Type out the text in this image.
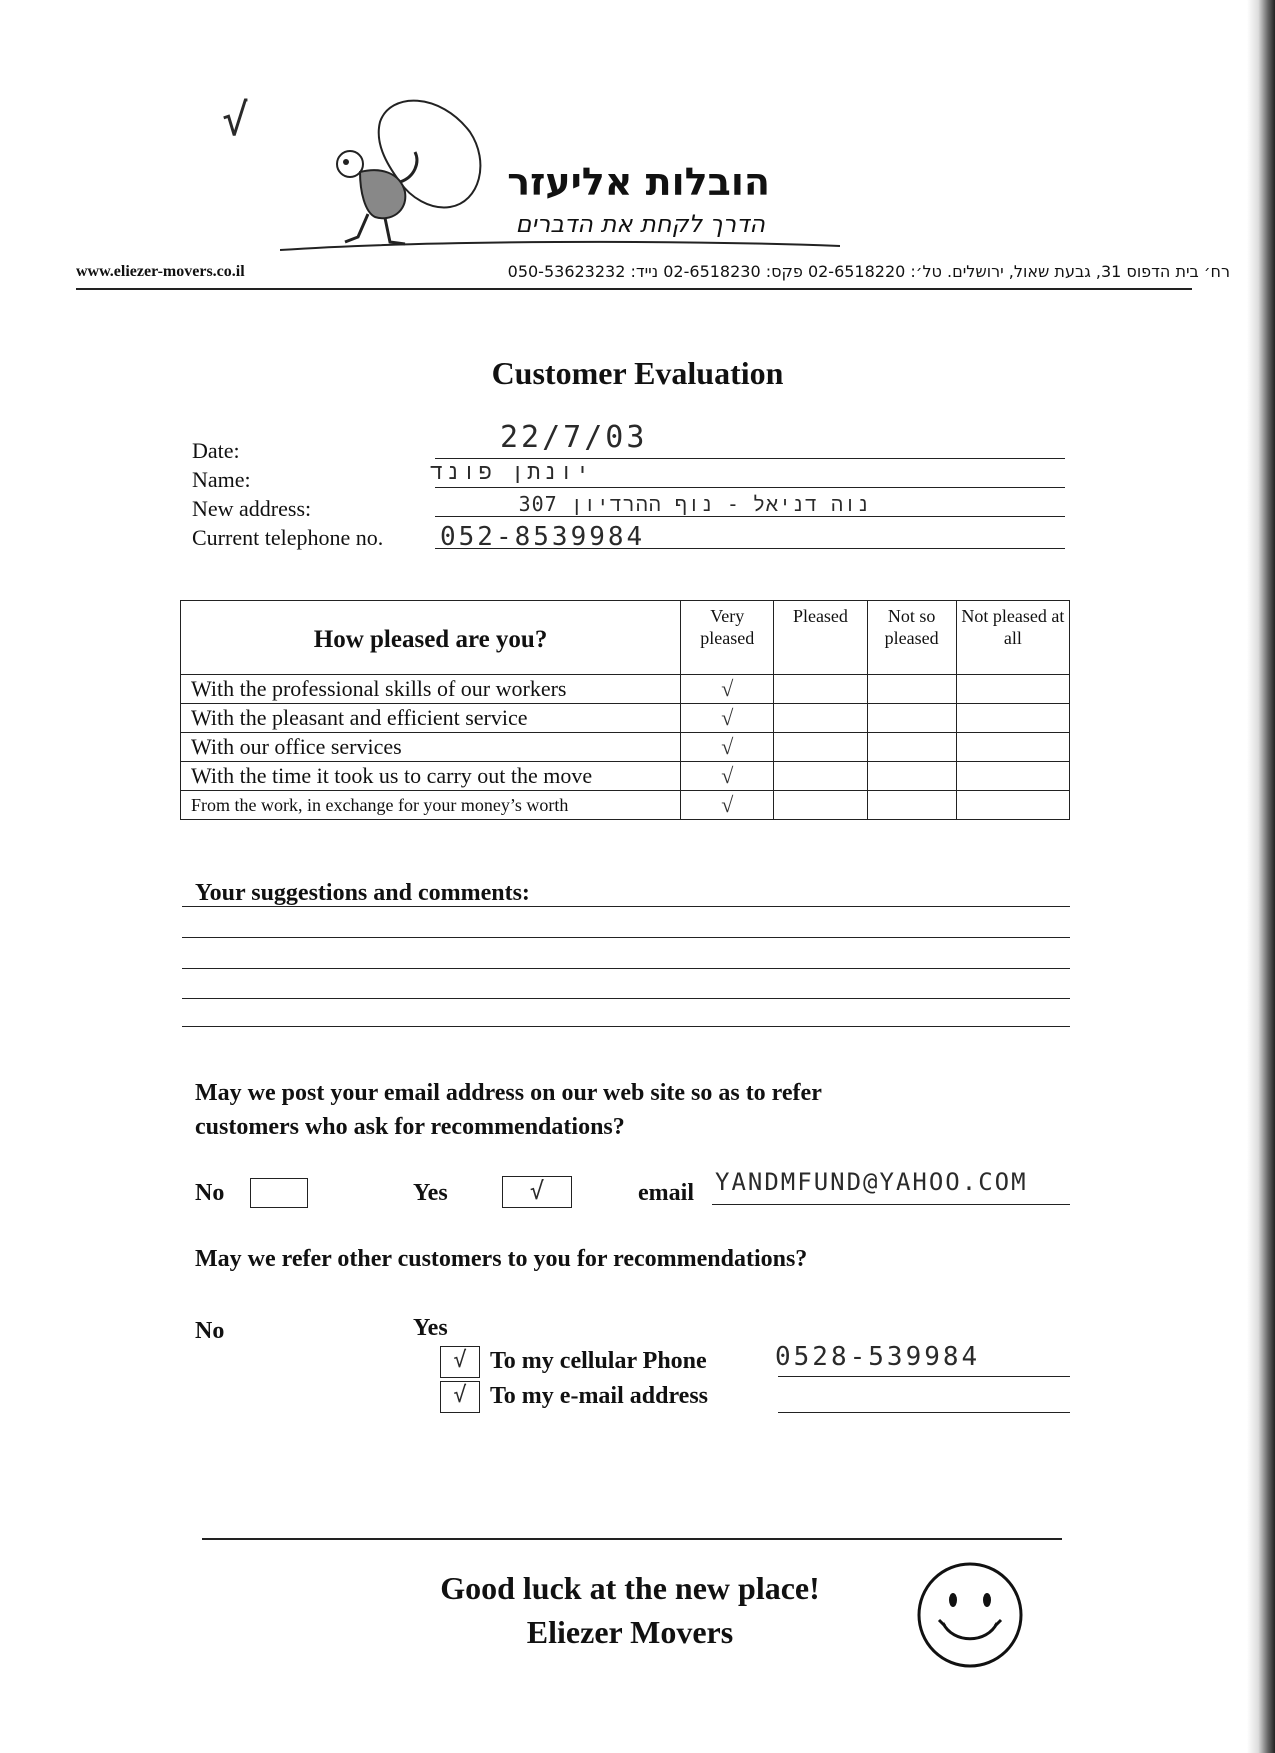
√
הובלות אליעזר
הדרך לקחת את הדברים
www.eliezer-movers.co.il	רח׳ בית הדפוס 31, גבעת שאול, ירושלים. טל׳: 02-6518220 פקס: 02-6518230 נייד: 050-53623232
Customer Evaluation
Date:	22/7/03
Name:	יונתן פונד
New address:	נוה דניאל - נוף ההרדיון 307
Current telephone no. 052-8539984
How pleased are you?	Very pleased	Pleased	Not so pleased	Not pleased at all
With the professional skills of our workers	√			
With the pleasant and efficient service	√			
With our office services	√			
With the time it took us to carry out the move	√			
From the work, in exchange for your money’s worth	√			
Your suggestions and comments:
May we post your email address on our web site so as to refer
customers who ask for recommendations?
No	Yes	√	email YANDMFUND@YAHOO.COM
May we refer other customers to you for recommendations?
No	Yes
√ To my cellular Phone	0528-539984
√ To my e-mail address
Good luck at the new place!
Eliezer Movers
